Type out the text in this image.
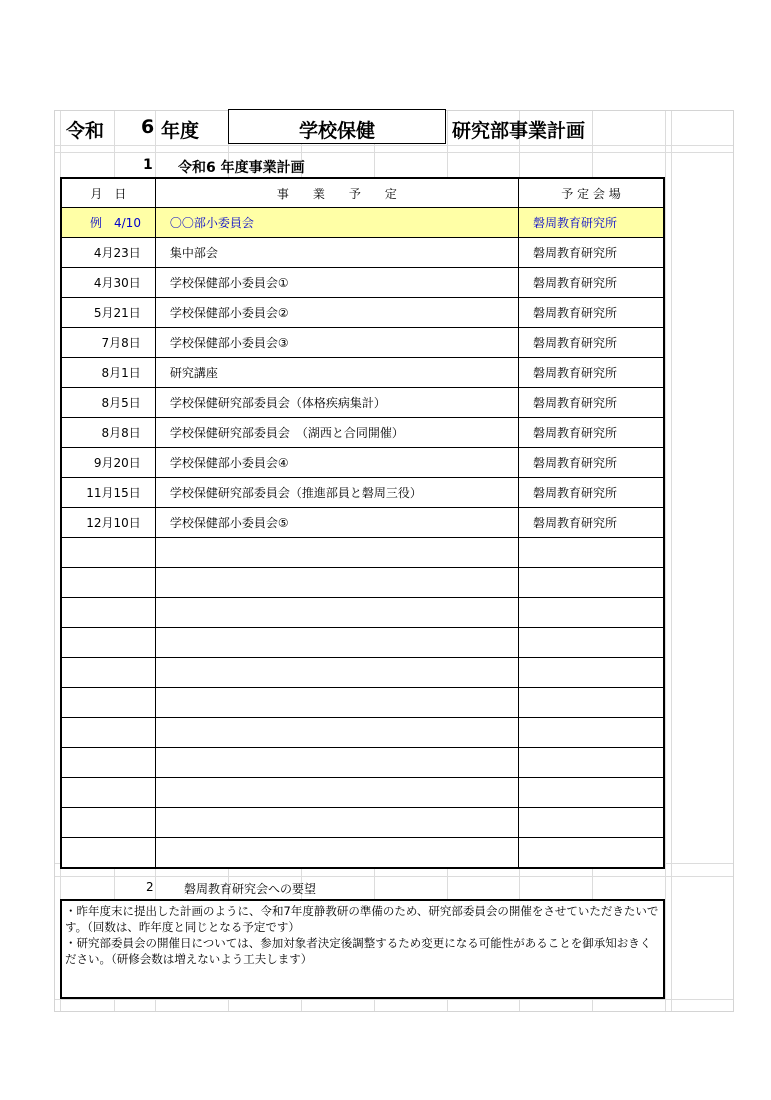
令和 6 年度	学校保健	研究部事業計画
1 令和6 年度事業計画
月　日	事　　業　　予　　定	予 定 会 場
例　4/10	〇〇部小委員会	磐周教育研究所
4月23日	集中部会	磐周教育研究所
4月30日	学校保健部小委員会①	磐周教育研究所
5月21日	学校保健部小委員会②	磐周教育研究所
7月8日	学校保健部小委員会③	磐周教育研究所
8月1日	研究講座	磐周教育研究所
8月5日	学校保健研究部委員会（体格疾病集計）	磐周教育研究所
8月8日	学校保健研究部委員会　（湖西と合同開催）	磐周教育研究所
9月20日	学校保健部小委員会④	磐周教育研究所
11月15日	学校保健研究部委員会（推進部員と磐周三役）	磐周教育研究所
12月10日	学校保健部小委員会⑤	磐周教育研究所

2	磐周教育研究会への要望

・昨年度末に提出した計画のように、令和7年度静教研の準備のため、研究部委員会の開催をさせていただきたいです。（回数は、昨年度と同じとなる予定です）

・研究部委員会の開催日については、参加対象者決定後調整するため変更になる可能性があることを御承知おきください。（研修会数は増えないよう工夫します）
